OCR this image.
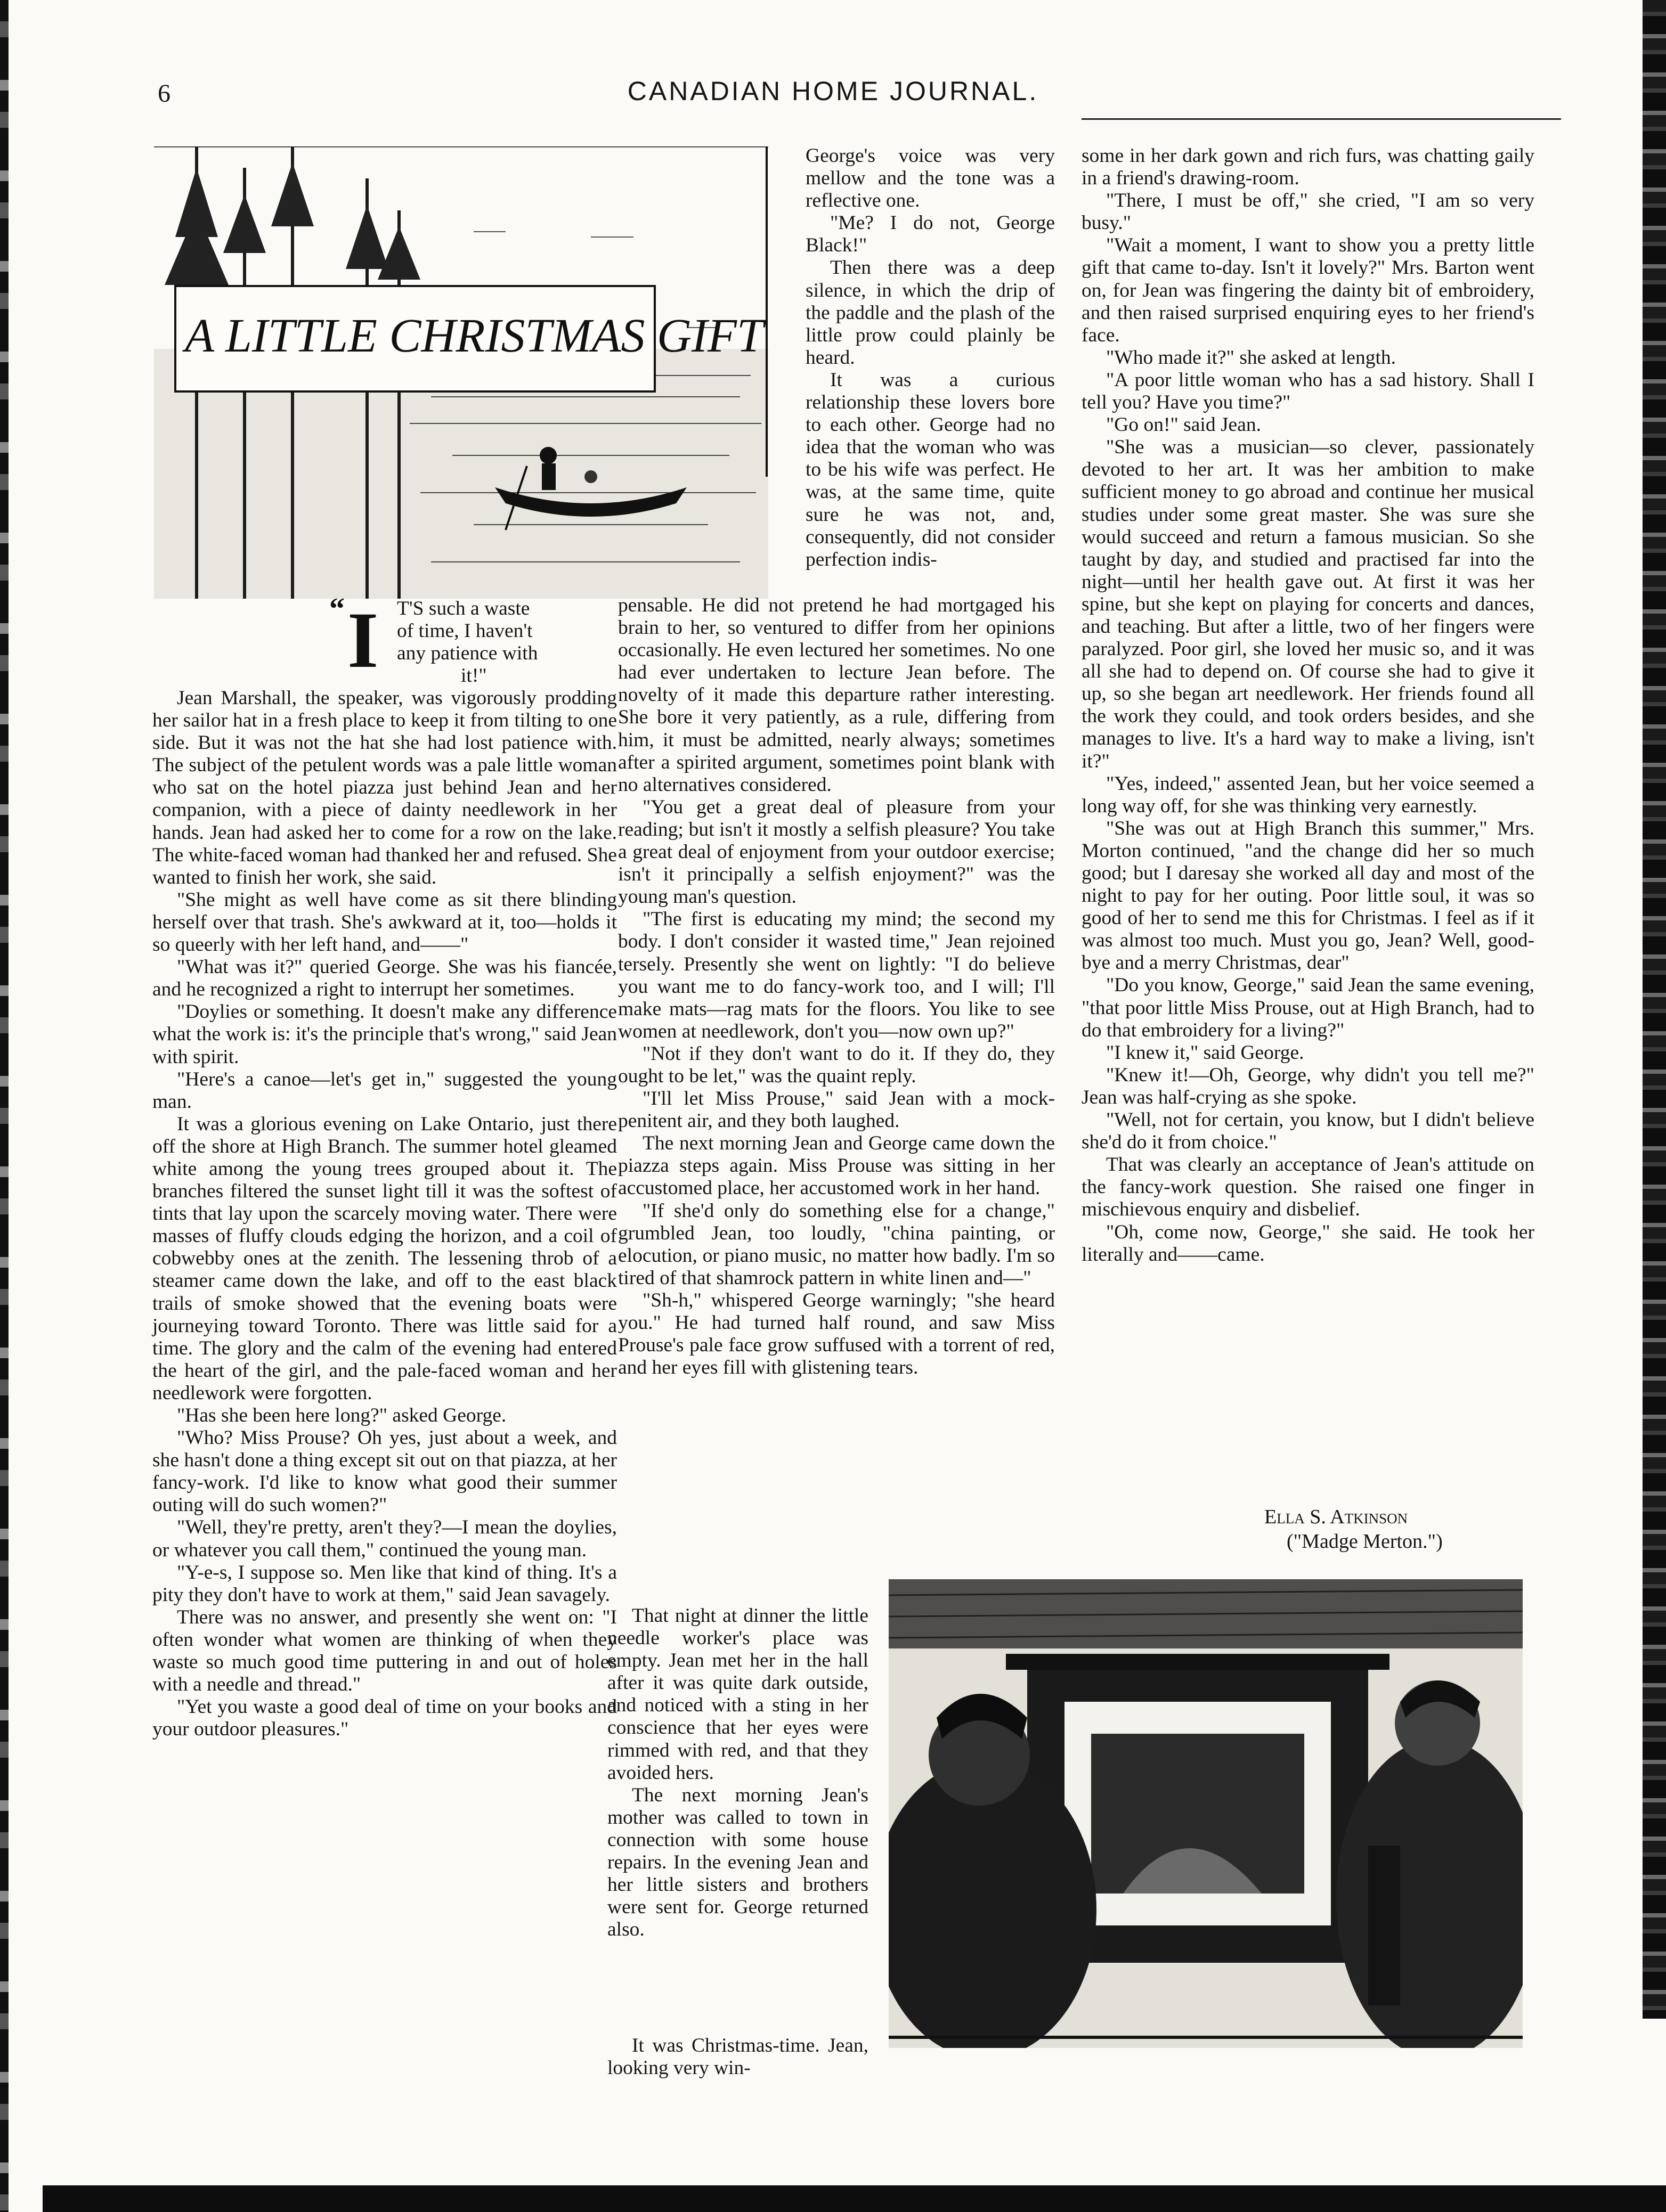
6	CANADIAN HOME JOURNAL.
A LITTLE CHRISTMAS GIFT
“ I T'S such a waste
of time, I haven't
any patience with
it!"

Jean Marshall, the speaker, was vigorously prodding her sailor hat in a fresh place to keep it from tilting to one side. But it was not the hat she had lost patience with. The subject of the petulent words was a pale little woman who sat on the hotel piazza just behind Jean and her companion, with a piece of dainty needlework in her hands. Jean had asked her to come for a row on the lake. The white-faced woman had thanked her and refused. She wanted to finish her work, she said.

"She might as well have come as sit there blinding herself over that trash. She's awkward at it, too—holds it so queerly with her left hand, and——"

"What was it?" queried George. She was his fiancée, and he recognized a right to interrupt her sometimes.

"Doylies or something. It doesn't make any difference what the work is: it's the principle that's wrong," said Jean with spirit.

"Here's a canoe—let's get in," suggested the young man.

It was a glorious evening on Lake Ontario, just there off the shore at High Branch. The summer hotel gleamed white among the young trees grouped about it. The branches filtered the sunset light till it was the softest of tints that lay upon the scarcely moving water. There were masses of fluffy clouds edging the horizon, and a coil of cobwebby ones at the zenith. The lessening throb of a steamer came down the lake, and off to the east black trails of smoke showed that the evening boats were journeying toward Toronto. There was little said for a time. The glory and the calm of the evening had entered the heart of the girl, and the pale-faced woman and her needlework were forgotten.

"Has she been here long?" asked George.

"Who? Miss Prouse? Oh yes, just about a week, and she hasn't done a thing except sit out on that piazza, at her fancy-work. I'd like to know what good their summer outing will do such women?"

"Well, they're pretty, aren't they?—I mean the doylies, or whatever you call them," continued the young man.

"Y-e-s, I suppose so. Men like that kind of thing. It's a pity they don't have to work at them," said Jean savagely.

There was no answer, and presently she went on: "I often wonder what women are thinking of when they waste so much good time puttering in and out of holes with a needle and thread."

"Yet you waste a good deal of time on your books and your outdoor pleasures."

George's voice was very mellow and the tone was a reflective one.

"Me? I do not, George Black!"

Then there was a deep silence, in which the drip of the paddle and the plash of the little prow could plainly be heard.

It was a curious relationship these lovers bore to each other. George had no idea that the woman who was to be his wife was perfect. He was, at the same time, quite sure he was not, and, consequently, did not consider perfection indis-

pensable. He did not pretend he had mortgaged his brain to her, so ventured to differ from her opinions occasionally. He even lectured her sometimes. No one had ever undertaken to lecture Jean before. The novelty of it made this departure rather interesting. She bore it very patiently, as a rule, differing from him, it must be admitted, nearly always; sometimes after a spirited argument, sometimes point blank with no alternatives considered.

"You get a great deal of pleasure from your reading; but isn't it mostly a selfish pleasure? You take a great deal of enjoyment from your outdoor exercise; isn't it principally a selfish enjoyment?" was the young man's question.

"The first is educating my mind; the second my body. I don't consider it wasted time," Jean rejoined tersely. Presently she went on lightly: "I do believe you want me to do fancy-work too, and I will; I'll make mats—rag mats for the floors. You like to see women at needlework, don't you—now own up?"

"Not if they don't want to do it. If they do, they ought to be let," was the quaint reply.

"I'll let Miss Prouse," said Jean with a mock-penitent air, and they both laughed.

The next morning Jean and George came down the piazza steps again. Miss Prouse was sitting in her accustomed place, her accustomed work in her hand.

"If she'd only do something else for a change," grumbled Jean, too loudly, "china painting, or elocution, or piano music, no matter how badly. I'm so tired of that shamrock pattern in white linen and—"

"Sh-h," whispered George warningly; "she heard you." He had turned half round, and saw Miss Prouse's pale face grow suffused with a torrent of red, and her eyes fill with glistening tears.

That night at dinner the little needle worker's place was empty. Jean met her in the hall after it was quite dark outside, and noticed with a sting in her conscience that her eyes were rimmed with red, and that they avoided hers.

The next morning Jean's mother was called to town in connection with some house repairs. In the evening Jean and her little sisters and brothers were sent for. George returned also.

It was Christmas-time. Jean, looking very win-

some in her dark gown and rich furs, was chatting gaily in a friend's drawing-room.

"There, I must be off," she cried, "I am so very busy."

"Wait a moment, I want to show you a pretty little gift that came to-day. Isn't it lovely?" Mrs. Barton went on, for Jean was fingering the dainty bit of embroidery, and then raised surprised enquiring eyes to her friend's face.

"Who made it?" she asked at length.

"A poor little woman who has a sad history. Shall I tell you? Have you time?"

"Go on!" said Jean.

"She was a musician—so clever, passionately devoted to her art. It was her ambition to make sufficient money to go abroad and continue her musical studies under some great master. She was sure she would succeed and return a famous musician. So she taught by day, and studied and practised far into the night—until her health gave out. At first it was her spine, but she kept on playing for concerts and dances, and teaching. But after a little, two of her fingers were paralyzed. Poor girl, she loved her music so, and it was all she had to depend on. Of course she had to give it up, so she began art needlework. Her friends found all the work they could, and took orders besides, and she manages to live. It's a hard way to make a living, isn't it?"

"Yes, indeed," assented Jean, but her voice seemed a long way off, for she was thinking very earnestly.

"She was out at High Branch this summer," Mrs. Morton continued, "and the change did her so much good; but I daresay she worked all day and most of the night to pay for her outing. Poor little soul, it was so good of her to send me this for Christmas. I feel as if it was almost too much. Must you go, Jean? Well, good-bye and a merry Christmas, dear"

"Do you know, George," said Jean the same evening, "that poor little Miss Prouse, out at High Branch, had to do that embroidery for a living?"

"I knew it," said George.

"Knew it!—Oh, George, why didn't you tell me?" Jean was half-crying as she spoke.

"Well, not for certain, you know, but I didn't believe she'd do it from choice."

That was clearly an acceptance of Jean's attitude on the fancy-work question. She raised one finger in mischievous enquiry and disbelief.

"Oh, come now, George," she said. He took her literally and——came.

Ella S. Atkinson
("Madge Merton.")
